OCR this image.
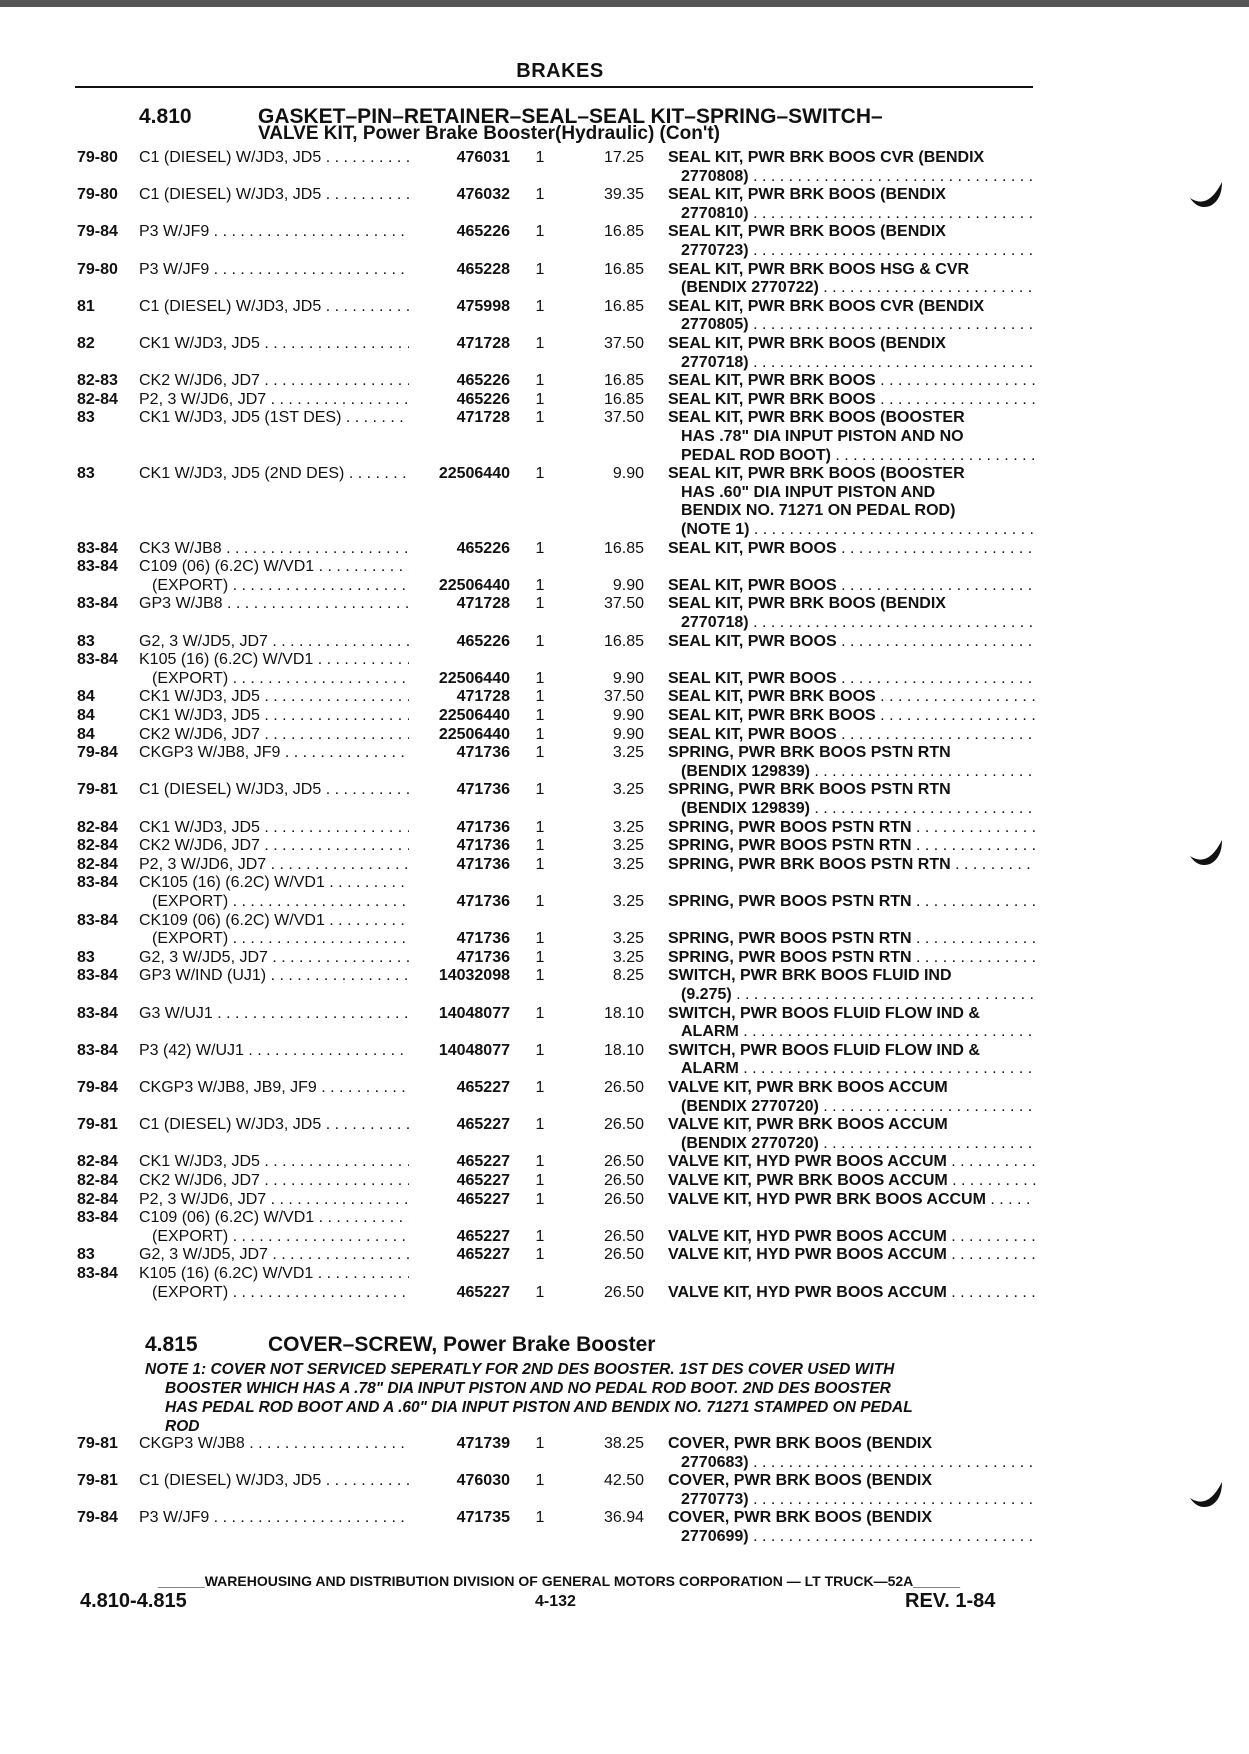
BRAKES
4.810	GASKET–PIN–RETAINER–SEAL–SEAL KIT–SPRING–SWITCH–
VALVE KIT, Power Brake Booster(Hydraulic) (Con't)
79-80	C1 (DIESEL) W/JD3, JD5 . . .	476031 1	17.25 SEAL KIT, PWR BRK BOOS CVR (BENDIX
2770808) . . .
79-80	C1 (DIESEL) W/JD3, JD5 . . .	476032 1	39.35 SEAL KIT, PWR BRK BOOS (BENDIX
2770810) . . .
79-84	P3 W/JF9 . . .	465226 1	16.85 SEAL KIT, PWR BRK BOOS (BENDIX
2770723) . . .
79-80	P3 W/JF9 . . .	465228 1	16.85 SEAL KIT, PWR BRK BOOS HSG & CVR
(BENDIX 2770722) . . .
81	C1 (DIESEL) W/JD3, JD5 . . .	475998 1	16.85 SEAL KIT, PWR BRK BOOS CVR (BENDIX
2770805) . . .
82	CK1 W/JD3, JD5 . . .	471728 1	37.50 SEAL KIT, PWR BRK BOOS (BENDIX
2770718) . . .
82-83	CK2 W/JD6, JD7 . . .	465226 1	16.85 SEAL KIT, PWR BRK BOOS . . .
82-84	P2, 3 W/JD6, JD7 . . .	465226 1	16.85 SEAL KIT, PWR BRK BOOS . . .
83	CK1 W/JD3, JD5 (1ST DES) . . .	471728 1	37.50 SEAL KIT, PWR BRK BOOS (BOOSTER
HAS .78" DIA INPUT PISTON AND NO
PEDAL ROD BOOT) . . .
83	CK1 W/JD3, JD5 (2ND DES) . . .	22506440 1	9.90 SEAL KIT, PWR BRK BOOS (BOOSTER
HAS .60" DIA INPUT PISTON AND
BENDIX NO. 71271 ON PEDAL ROD)
(NOTE 1) . . .
83-84	CK3 W/JB8 . . .	465226 1	16.85 SEAL KIT, PWR BOOS . . .
83-84	C109 (06) (6.2C) W/VD1 . . .
(EXPORT) . . .	22506440 1	9.90 SEAL KIT, PWR BOOS . . .
83-84	GP3 W/JB8 . . .	471728 1	37.50 SEAL KIT, PWR BRK BOOS (BENDIX
2770718) . . .
83	G2, 3 W/JD5, JD7 . . .	465226 1	16.85 SEAL KIT, PWR BOOS . . .
83-84	K105 (16) (6.2C) W/VD1 . . .
(EXPORT) . . .	22506440 1	9.90 SEAL KIT, PWR BOOS . . .
84	CK1 W/JD3, JD5 . . .	471728 1	37.50 SEAL KIT, PWR BRK BOOS . . .
84	CK1 W/JD3, JD5 . . .	22506440 1	9.90 SEAL KIT, PWR BRK BOOS . . .
84	CK2 W/JD6, JD7 . . .	22506440 1	9.90 SEAL KIT, PWR BOOS . . .
79-84	CKGP3 W/JB8, JF9 . . .	471736 1	3.25 SPRING, PWR BRK BOOS PSTN RTN
(BENDIX 129839) . . .
79-81	C1 (DIESEL) W/JD3, JD5 . . .	471736 1	3.25 SPRING, PWR BRK BOOS PSTN RTN
(BENDIX 129839) . . .
82-84	CK1 W/JD3, JD5 . . .	471736 1	3.25 SPRING, PWR BOOS PSTN RTN . . .
82-84	CK2 W/JD6, JD7 . . .	471736 1	3.25 SPRING, PWR BOOS PSTN RTN . . .
82-84	P2, 3 W/JD6, JD7 . . .	471736 1	3.25 SPRING, PWR BRK BOOS PSTN RTN . . .
83-84	CK105 (16) (6.2C) W/VD1 . . .
(EXPORT) . . .	471736 1	3.25 SPRING, PWR BOOS PSTN RTN . . .
83-84	CK109 (06) (6.2C) W/VD1 . . .
(EXPORT) . . .	471736 1	3.25 SPRING, PWR BOOS PSTN RTN . . .
83	G2, 3 W/JD5, JD7 . . .	471736 1	3.25 SPRING, PWR BOOS PSTN RTN . . .
83-84	GP3 W/IND (UJ1) . . .	14032098 1	8.25 SWITCH, PWR BRK BOOS FLUID IND
(9.275) . . .
83-84	G3 W/UJ1 . . .	14048077 1	18.10 SWITCH, PWR BOOS FLUID FLOW IND &
ALARM . . .
83-84	P3 (42) W/UJ1 . . .	14048077 1	18.10 SWITCH, PWR BOOS FLUID FLOW IND &
ALARM . . .
79-84	CKGP3 W/JB8, JB9, JF9 . . .	465227 1	26.50 VALVE KIT, PWR BRK BOOS ACCUM
(BENDIX 2770720) . . .
79-81	C1 (DIESEL) W/JD3, JD5 . . .	465227 1	26.50 VALVE KIT, PWR BRK BOOS ACCUM
(BENDIX 2770720) . . .
82-84	CK1 W/JD3, JD5 . . .	465227 1	26.50 VALVE KIT, HYD PWR BOOS ACCUM . . .
82-84	CK2 W/JD6, JD7 . . .	465227 1	26.50 VALVE KIT, PWR BRK BOOS ACCUM . . .
82-84	P2, 3 W/JD6, JD7 . . .	465227 1	26.50 VALVE KIT, HYD PWR BRK BOOS ACCUM . . .
83-84	C109 (06) (6.2C) W/VD1 . . .
(EXPORT) . . .	465227 1	26.50 VALVE KIT, HYD PWR BOOS ACCUM . . .
83	G2, 3 W/JD5, JD7 . . .	465227 1	26.50 VALVE KIT, HYD PWR BOOS ACCUM . . .
83-84	K105 (16) (6.2C) W/VD1 . . .
(EXPORT) . . .	465227 1	26.50 VALVE KIT, HYD PWR BOOS ACCUM . . .
4.815	COVER–SCREW, Power Brake Booster
NOTE 1: COVER NOT SERVICED SEPERATLY FOR 2ND DES BOOSTER. 1ST DES COVER USED WITH
BOOSTER WHICH HAS A .78" DIA INPUT PISTON AND NO PEDAL ROD BOOT. 2ND DES BOOSTER
HAS PEDAL ROD BOOT AND A .60" DIA INPUT PISTON AND BENDIX NO. 71271 STAMPED ON PEDAL
ROD
79-81	CKGP3 W/JB8 . . .	471739 1	38.25 COVER, PWR BRK BOOS (BENDIX
2770683) . . .
79-81	C1 (DIESEL) W/JD3, JD5 . . .	476030 1	42.50 COVER, PWR BRK BOOS (BENDIX
2770773) . . .
79-84	P3 W/JF9 . . .	471735 1	36.94 COVER, PWR BRK BOOS (BENDIX
2770699) . . .
______WAREHOUSING AND DISTRIBUTION DIVISION OF GENERAL MOTORS CORPORATION — LT TRUCK—52A______
4.810-4.815	4-132	REV. 1-84
